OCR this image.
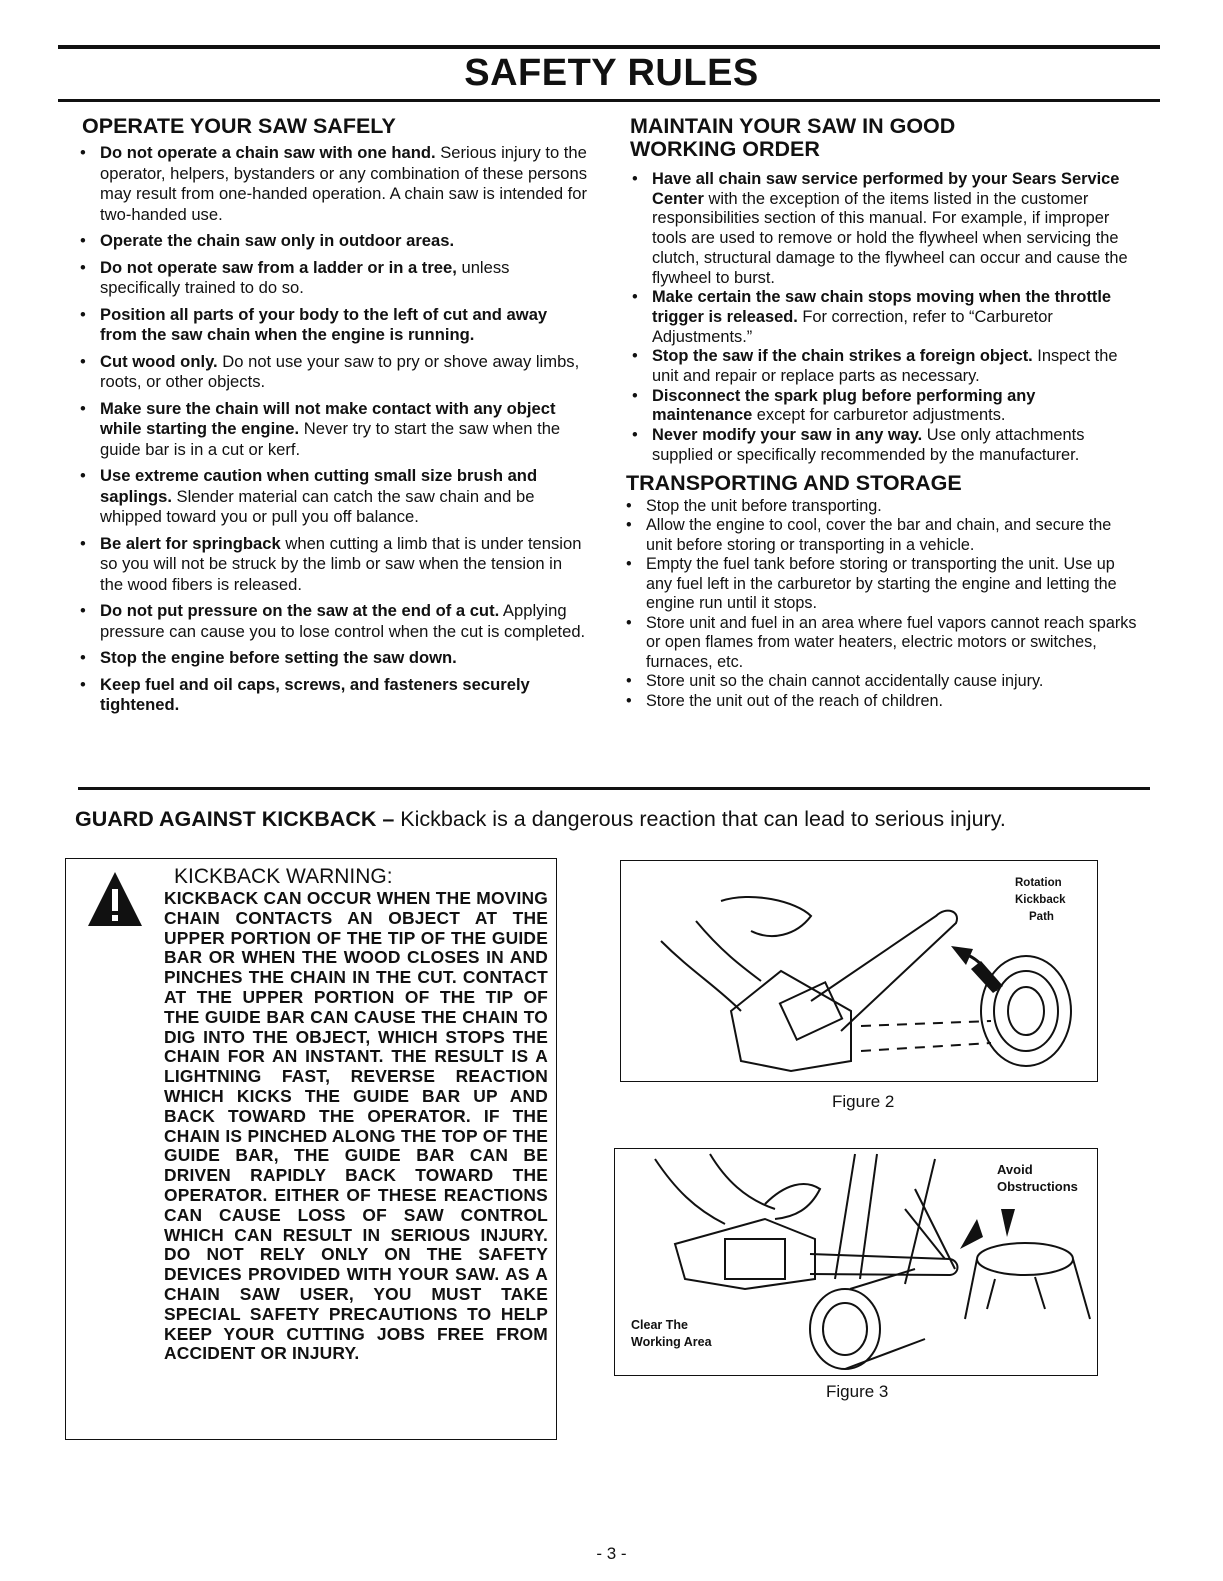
SAFETY RULES
OPERATE YOUR SAW SAFELY
• Do not operate a chain saw with one hand. Serious injury to the operator, helpers, bystanders or any combination of these persons may result from one-handed operation. A chain saw is intended for two-handed use.
• Operate the chain saw only in outdoor areas.
• Do not operate saw from a ladder or in a tree, unless specifically trained to do so.
• Position all parts of your body to the left of cut and away from the saw chain when the engine is running.
• Cut wood only. Do not use your saw to pry or shove away limbs, roots, or other objects.
• Make sure the chain will not make contact with any object while starting the engine. Never try to start the saw when the guide bar is in a cut or kerf.
• Use extreme caution when cutting small size brush and saplings. Slender material can catch the saw chain and be whipped toward you or pull you off balance.
• Be alert for springback when cutting a limb that is under tension so you will not be struck by the limb or saw when the tension in the wood fibers is released.
• Do not put pressure on the saw at the end of a cut. Applying pressure can cause you to lose control when the cut is completed.
• Stop the engine before setting the saw down.
• Keep fuel and oil caps, screws, and fasteners securely tightened.
MAINTAIN YOUR SAW IN GOOD WORKING ORDER
• Have all chain saw service performed by your Sears Service Center with the exception of the items listed in the customer responsibilities section of this manual. For example, if improper tools are used to remove or hold the flywheel when servicing the clutch, structural damage to the flywheel can occur and cause the flywheel to burst.
• Make certain the saw chain stops moving when the throttle trigger is released. For correction, refer to “Carburetor Adjustments.”
• Stop the saw if the chain strikes a foreign object. Inspect the unit and repair or replace parts as necessary.
• Disconnect the spark plug before performing any maintenance except for carburetor adjustments.
• Never modify your saw in any way. Use only attachments supplied or specifically recommended by the manufacturer.
TRANSPORTING AND STORAGE
• Stop the unit before transporting.
• Allow the engine to cool, cover the bar and chain, and secure the unit before storing or transporting in a vehicle.
• Empty the fuel tank before storing or transporting the unit. Use up any fuel left in the carburetor by starting the engine and letting the engine run until it stops.
• Store unit and fuel in an area where fuel vapors cannot reach sparks or open flames from water heaters, electric motors or switches, furnaces, etc.
• Store unit so the chain cannot accidentally cause injury.
• Store the unit out of the reach of children.
GUARD AGAINST KICKBACK – Kickback is a dangerous reaction that can lead to serious injury.
KICKBACK WARNING:
KICKBACK CAN OCCUR WHEN THE MOVING CHAIN CONTACTS AN OBJECT AT THE UPPER PORTION OF THE TIP OF THE GUIDE BAR OR WHEN THE WOOD CLOSES IN AND PINCHES THE CHAIN IN THE CUT. CONTACT AT THE UPPER PORTION OF THE TIP OF THE GUIDE BAR CAN CAUSE THE CHAIN TO DIG INTO THE OBJECT, WHICH STOPS THE CHAIN FOR AN INSTANT. THE RESULT IS A LIGHTNING FAST, REVERSE REACTION WHICH KICKS THE GUIDE BAR UP AND BACK TOWARD THE OPERATOR. IF THE CHAIN IS PINCHED ALONG THE TOP OF THE GUIDE BAR, THE GUIDE BAR CAN BE DRIVEN RAPIDLY BACK TOWARD THE OPERATOR. EITHER OF THESE REACTIONS CAN CAUSE LOSS OF SAW CONTROL WHICH CAN RESULT IN SERIOUS INJURY. DO NOT RELY ONLY ON THE SAFETY DEVICES PROVIDED WITH YOUR SAW. AS A CHAIN SAW USER, YOU MUST TAKE SPECIAL SAFETY PRECAUTIONS TO HELP KEEP YOUR CUTTING JOBS FREE FROM ACCIDENT OR INJURY.
Rotation
Kickback
Path
Figure 2
Avoid
Obstructions
Clear The
Working Area
Figure 3
- 3 -
